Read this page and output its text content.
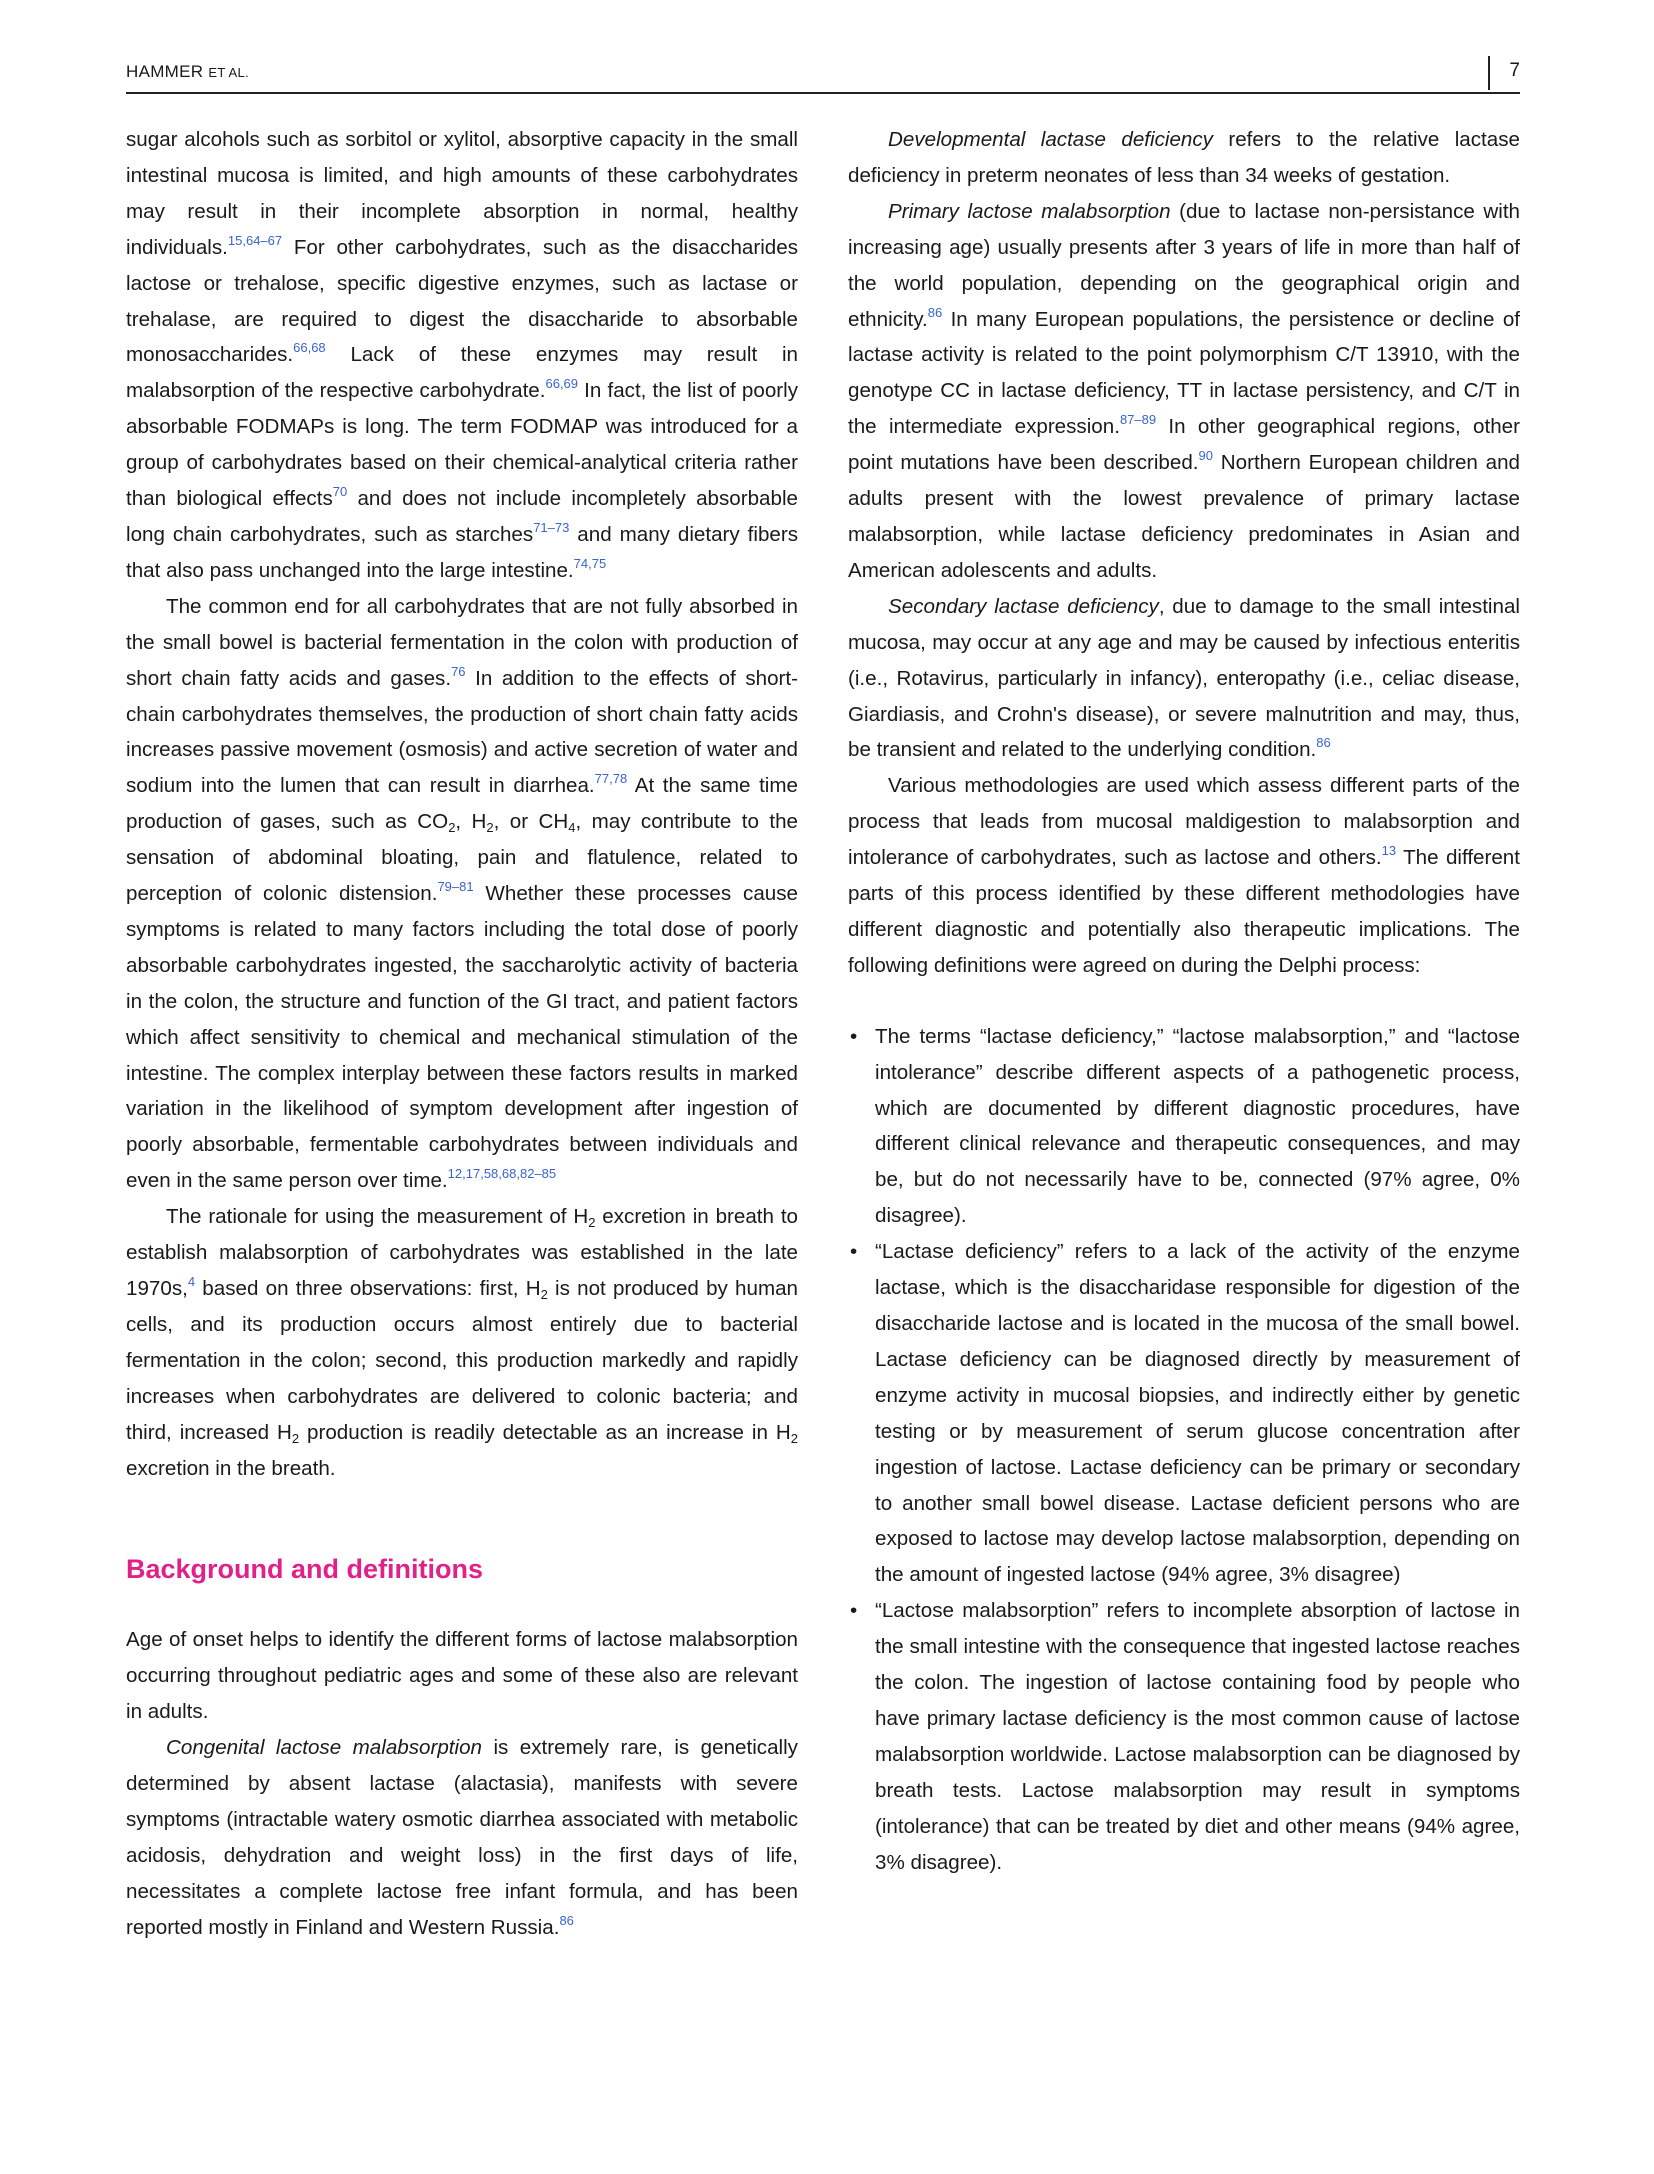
HAMMER ET AL.	7

sugar alcohols such as sorbitol or xylitol, absorptive capacity in the small intestinal mucosa is limited, and high amounts of these carbohydrates may result in their incomplete absorption in normal, healthy individuals.$^{15,64-67}$ For other carbohydrates, such as the disaccharides lactose or trehalose, specific digestive enzymes, such as lactase or trehalase, are required to digest the disaccharide to absorbable monosaccharides.$^{66,68}$ Lack of these enzymes may result in malabsorption of the respective carbohydrate.$^{66,69}$ In fact, the list of poorly absorbable FODMAPs is long. The term FODMAP was introduced for a group of carbohydrates based on their chemical-analytical criteria rather than biological effects$^{70}$ and does not include incompletely absorbable long chain carbohydrates, such as starches$^{71-73}$ and many dietary fibers that also pass unchanged into the large intestine.$^{74,75}$

The common end for all carbohydrates that are not fully absorbed in the small bowel is bacterial fermentation in the colon with production of short chain fatty acids and gases.$^{76}$ In addition to the effects of short-chain carbohydrates themselves, the production of short chain fatty acids increases passive movement (osmosis) and active secretion of water and sodium into the lumen that can result in diarrhea.$^{77,78}$ At the same time production of gases, such as $CO_2$, $H_2$, or $CH_4$, may contribute to the sensation of abdominal bloating, pain and flatulence, related to perception of colonic distension.$^{79-81}$ Whether these processes cause symptoms is related to many factors including the total dose of poorly absorbable carbohydrates ingested, the saccharolytic activity of bacteria in the colon, the structure and function of the GI tract, and patient factors which affect sensitivity to chemical and mechanical stimulation of the intestine. The complex interplay between these factors results in marked variation in the likelihood of symptom development after ingestion of poorly absorbable, fermentable carbohydrates between individuals and even in the same person over time.$^{12,17,58,68,82-85}$

The rationale for using the measurement of $H_2$ excretion in breath to establish malabsorption of carbohydrates was established in the late 1970s,$^4$ based on three observations: first, $H_2$ is not produced by human cells, and its production occurs almost entirely due to bacterial fermentation in the colon; second, this production markedly and rapidly increases when carbohydrates are delivered to colonic bacteria; and third, increased $H_2$ production is readily detectable as an increase in $H_2$ excretion in the breath.

Background and definitions

Age of onset helps to identify the different forms of lactose malabsorption occurring throughout pediatric ages and some of these also are relevant in adults.

Congenital lactose malabsorption is extremely rare, is genetically determined by absent lactase (alactasia), manifests with severe symptoms (intractable watery osmotic diarrhea associated with metabolic acidosis, dehydration and weight loss) in the first days of life, necessitates a complete lactose free infant formula, and has been reported mostly in Finland and Western Russia.$^{86}$

Developmental lactase deficiency refers to the relative lactase deficiency in preterm neonates of less than 34 weeks of gestation.

Primary lactose malabsorption (due to lactase non-persistance with increasing age) usually presents after 3 years of life in more than half of the world population, depending on the geographical origin and ethnicity.$^{86}$ In many European populations, the persistence or decline of lactase activity is related to the point polymorphism C/T 13910, with the genotype CC in lactase deficiency, TT in lactase persistency, and C/T in the intermediate expression.$^{87-89}$ In other geographical regions, other point mutations have been described.$^{90}$ Northern European children and adults present with the lowest prevalence of primary lactase malabsorption, while lactase deficiency predominates in Asian and American adolescents and adults.

Secondary lactase deficiency, due to damage to the small intestinal mucosa, may occur at any age and may be caused by infectious enteritis (i.e., Rotavirus, particularly in infancy), enteropathy (i.e., celiac disease, Giardiasis, and Crohn's disease), or severe malnutrition and may, thus, be transient and related to the underlying condition.$^{86}$

Various methodologies are used which assess different parts of the process that leads from mucosal maldigestion to malabsorption and intolerance of carbohydrates, such as lactose and others.$^{13}$ The different parts of this process identified by these different methodologies have different diagnostic and potentially also therapeutic implications. The following definitions were agreed on during the Delphi process:

• The terms “lactase deficiency,” “lactose malabsorption,” and “lactose intolerance” describe different aspects of a pathogenetic process, which are documented by different diagnostic procedures, have different clinical relevance and therapeutic consequences, and may be, but do not necessarily have to be, connected (97% agree, 0% disagree).
• “Lactase deficiency” refers to a lack of the activity of the enzyme lactase, which is the disaccharidase responsible for digestion of the disaccharide lactose and is located in the mucosa of the small bowel. Lactase deficiency can be diagnosed directly by measurement of enzyme activity in mucosal biopsies, and indirectly either by genetic testing or by measurement of serum glucose concentration after ingestion of lactose. Lactase deficiency can be primary or secondary to another small bowel disease. Lactase deficient persons who are exposed to lactose may develop lactose malabsorption, depending on the amount of ingested lactose (94% agree, 3% disagree)
• “Lactose malabsorption” refers to incomplete absorption of lactose in the small intestine with the consequence that ingested lactose reaches the colon. The ingestion of lactose containing food by people who have primary lactase deficiency is the most common cause of lactose malabsorption worldwide. Lactose malabsorption can be diagnosed by breath tests. Lactose malabsorption may result in symptoms (intolerance) that can be treated by diet and other means (94% agree, 3% disagree).
